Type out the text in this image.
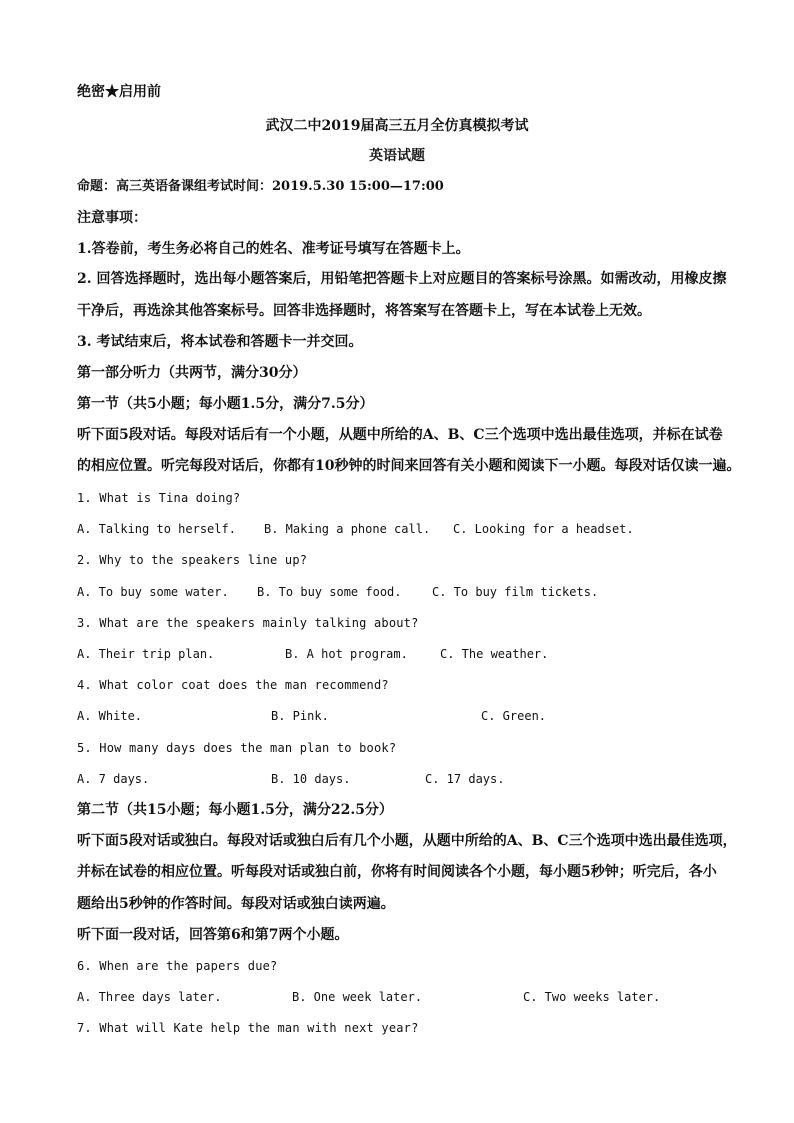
绝密★启用前
武汉二中2019届高三五月全仿真模拟考试
英语试题
命题：高三英语备课组考试时间：2019.5.30 15:00—17:00
注意事项：
1.答卷前，考生务必将自己的姓名、准考证号填写在答题卡上。
2. 回答选择题时，选出每小题答案后，用铅笔把答题卡上对应题目的答案标号涂黑。如需改动，用橡皮擦
干净后，再选涂其他答案标号。回答非选择题时，将答案写在答题卡上，写在本试卷上无效。
3. 考试结束后，将本试卷和答题卡一并交回。
第一部分听力（共两节，满分30分）
第一节（共5小题；每小题1.5分，满分7.5分）
听下面5段对话。每段对话后有一个小题，从题中所给的A、B、C三个选项中选出最佳选项，并标在试卷
的相应位置。听完每段对话后，你都有10秒钟的时间来回答有关小题和阅读下一小题。每段对话仅读一遍。
1. What is Tina doing?
A. Talking to herself. B. Making a phone call. C. Looking for a headset.
2. Why to the speakers line up?
A. To buy some water. B. To buy some food.	C. To buy film tickets.
3. What are the speakers mainly talking about?
A. Their trip plan.	B. A hot program.	C. The weather.
4. What color coat does the man recommend?
A. White.	B. Pink.	C. Green.
5. How many days does the man plan to book?
A. 7 days.	B. 10 days.	C. 17 days.
第二节（共15小题；每小题1.5分，满分22.5分）
听下面5段对话或独白。每段对话或独白后有几个小题，从题中所给的A、B、C三个选项中选出最佳选项，
并标在试卷的相应位置。听每段对话或独白前，你将有时间阅读各个小题，每小题5秒钟；听完后，各小
题给出5秒钟的作答时间。每段对话或独白读两遍。
听下面一段对话，回答第6和第7两个小题。
6. When are the papers due?
A. Three days later.	B. One week later.	C. Two weeks later.
7. What will Kate help the man with next year?
